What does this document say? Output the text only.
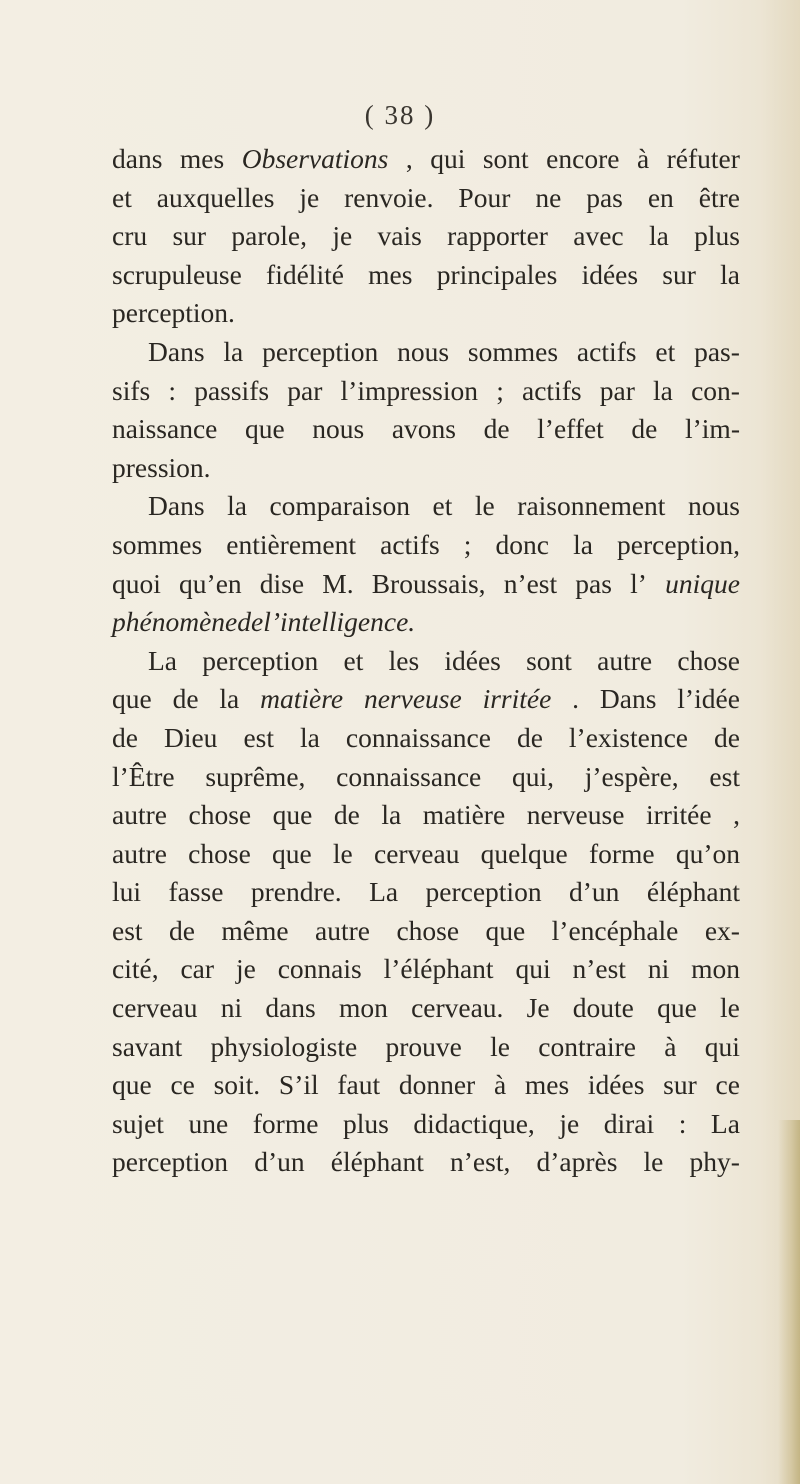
( 38 )
dans mes Observations , qui sont encore à réfuter
et auxquelles je renvoie. Pour ne pas en être
cru sur parole, je vais rapporter avec la plus
scrupuleuse fidélité mes principales idées sur la
perception.
Dans la perception nous sommes actifs et pas-
sifs : passifs par l’impression ; actifs par la con-
naissance que nous avons de l’effet de l’im-
pression.
Dans la comparaison et le raisonnement nous
sommes entièrement actifs ; donc la perception,
quoi qu’en dise M. Broussais, n’est pas l’ unique
phénomène de l’intelligence.
La perception et les idées sont autre chose
que de la matière nerveuse irritée . Dans l’idée
de Dieu est la connaissance de l’existence de
l’Être suprême, connaissance qui, j’espère, est
autre chose que de la matière nerveuse irritée ,
autre chose que le cerveau quelque forme qu’on
lui fasse prendre. La perception d’un éléphant
est de même autre chose que l’encéphale ex-
cité, car je connais l’éléphant qui n’est ni mon
cerveau ni dans mon cerveau. Je doute que le
savant physiologiste prouve le contraire à qui
que ce soit. S’il faut donner à mes idées sur ce
sujet une forme plus didactique, je dirai : La
perception d’un éléphant n’est, d’après le phy-
